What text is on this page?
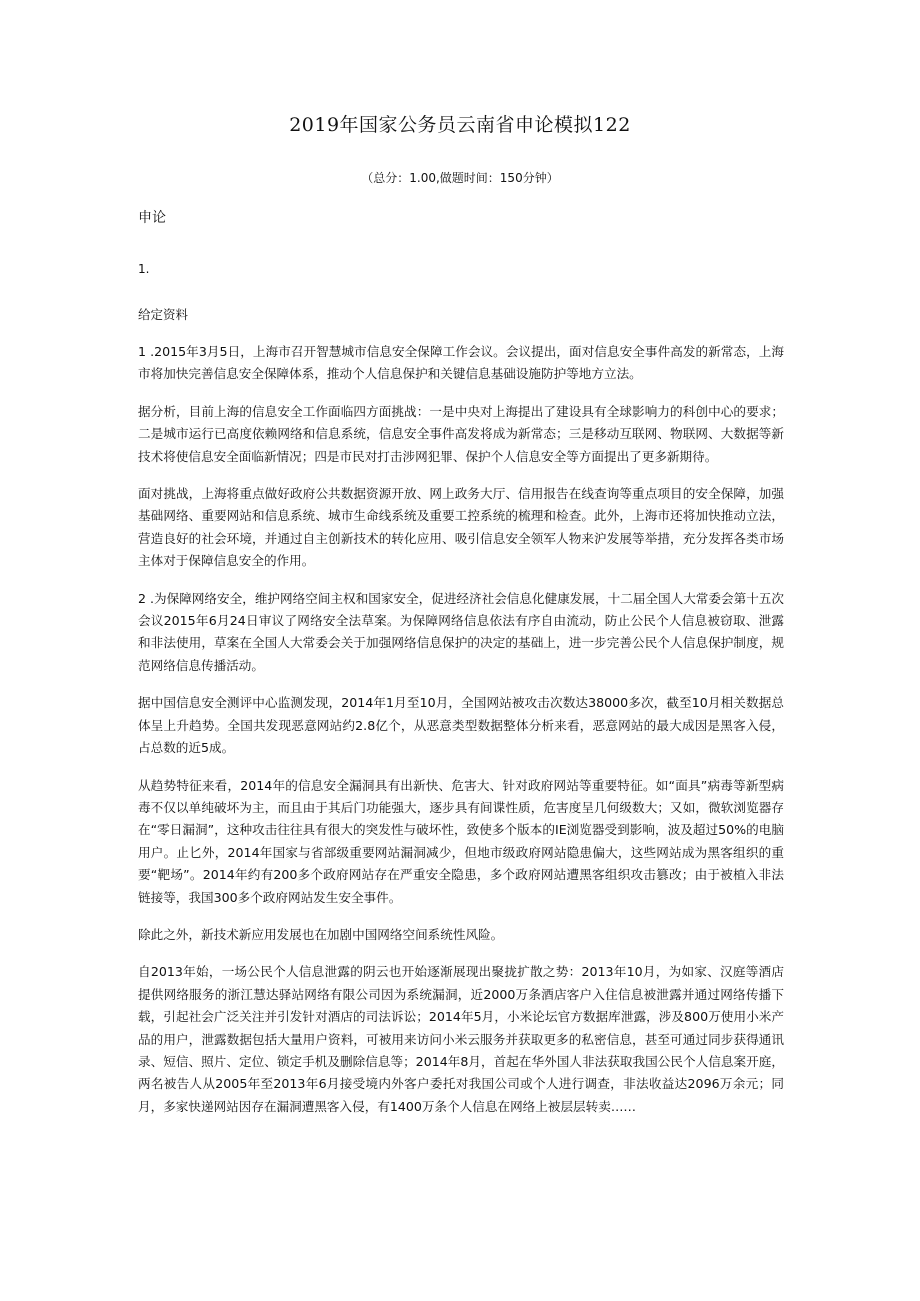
2019年国家公务员云南省申论模拟122
（总分：1.00,做题时间：150分钟）
申论
1.
给定资料

1 .2015年3月5日，上海市召开智慧城市信息安全保障工作会议。会议提出，面对信息安全事件高发的新常态，上海市将加快完善信息安全保障体系，推动个人信息保护和关键信息基础设施防护等地方立法。

据分析，目前上海的信息安全工作面临四方面挑战：一是中央对上海提出了建设具有全球影响力的科创中心的要求；二是城市运行已高度依赖网络和信息系统，信息安全事件高发将成为新常态；三是移动互联网、物联网、大数据等新技术将使信息安全面临新情况；四是市民对打击涉网犯罪、保护个人信息安全等方面提出了更多新期待。

面对挑战，上海将重点做好政府公共数据资源开放、网上政务大厅、信用报告在线查询等重点项目的安全保障，加强基础网络、重要网站和信息系统、城市生命线系统及重要工控系统的梳理和检查。此外，上海市还将加快推动立法，营造良好的社会环境，并通过自主创新技术的转化应用、吸引信息安全领军人物来沪发展等举措，充分发挥各类市场主体对于保障信息安全的作用。

2 .为保障网络安全，维护网络空间主权和国家安全，促进经济社会信息化健康发展，十二届全国人大常委会第十五次会议2015年6月24日审议了网络安全法草案。为保障网络信息依法有序自由流动，防止公民个人信息被窃取、泄露和非法使用，草案在全国人大常委会关于加强网络信息保护的决定的基础上，进一步完善公民个人信息保护制度，规范网络信息传播活动。

据中国信息安全测评中心监测发现，2014年1月至10月，全国网站被攻击次数达38000多次，截至10月相关数据总体呈上升趋势。全国共发现恶意网站约2.8亿个，从恶意类型数据整体分析来看，恶意网站的最大成因是黑客入侵，占总数的近5成。

从趋势特征来看，2014年的信息安全漏洞具有出新快、危害大、针对政府网站等重要特征。如“面具”病毒等新型病毒不仅以单纯破坏为主，而且由于其后门功能强大，逐步具有间谍性质，危害度呈几何级数大；又如，微软浏览器存在“零日漏洞”，这种攻击往往具有很大的突发性与破坏性，致使多个版本的IE浏览器受到影响，波及超过50%的电脑用户。止匕外，2014年国家与省部级重要网站漏洞减少，但地市级政府网站隐患偏大，这些网站成为黑客组织的重要“靶场”。2014年约有200多个政府网站存在严重安全隐患，多个政府网站遭黑客组织攻击篡改；由于被植入非法链接等，我国300多个政府网站发生安全事件。

除此之外，新技术新应用发展也在加剧中国网络空间系统性风险。

自2013年始，一场公民个人信息泄露的阴云也开始逐渐展现出聚拢扩散之势：2013年10月，为如家、汉庭等酒店提供网络服务的浙江慧达驿站网络有限公司因为系统漏洞，近2000万条酒店客户入住信息被泄露并通过网络传播下载，引起社会广泛关注并引发针对酒店的司法诉讼；2014年5月，小米论坛官方数据库泄露，涉及800万使用小米产品的用户，泄露数据包括大量用户资料，可被用来访问小米云服务并获取更多的私密信息，甚至可通过同步获得通讯录、短信、照片、定位、锁定手机及删除信息等；2014年8月，首起在华外国人非法获取我国公民个人信息案开庭，两名被告人从2005年至2013年6月接受境内外客户委托对我国公司或个人进行调查，非法收益达2096万余元；同月，多家快递网站因存在漏洞遭黑客入侵，有1400万条个人信息在网络上被层层转卖……
